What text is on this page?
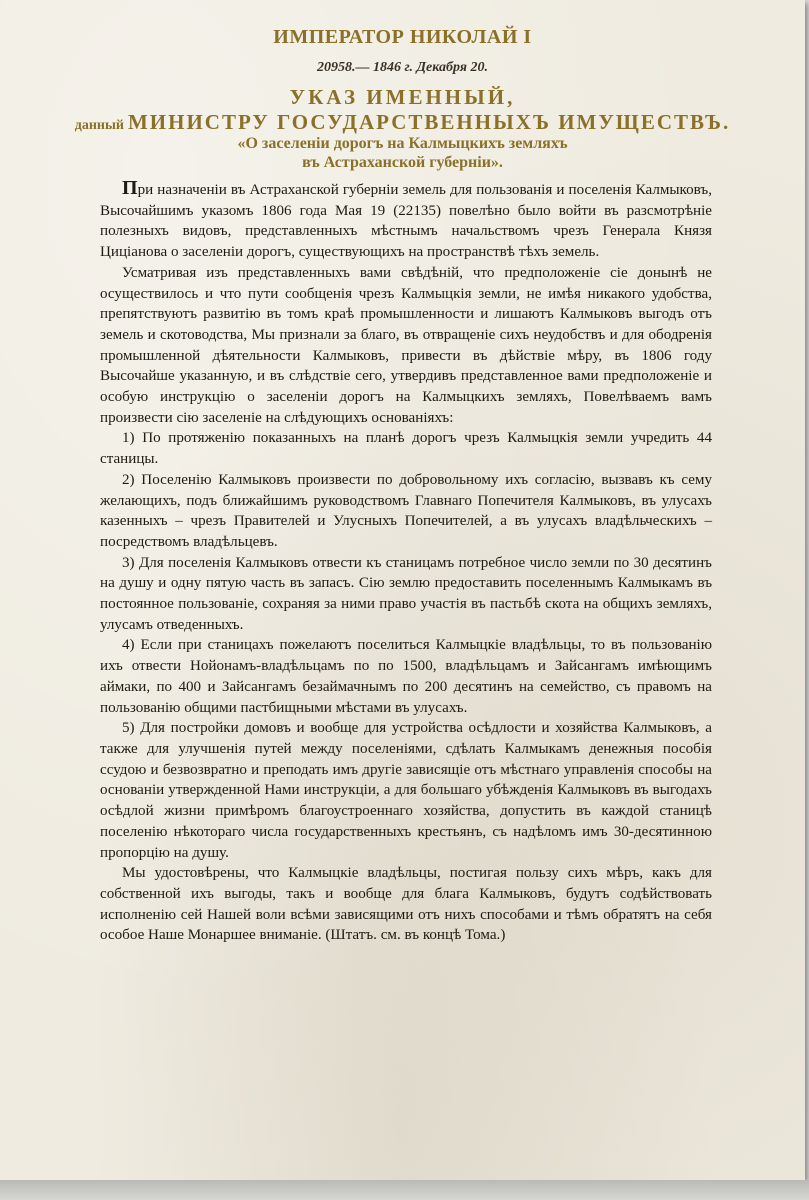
ИМПЕРАТОР НИКОЛАЙ I
20958.— 1846 г. Декабря 20.
УКАЗ ИМЕННЫЙ,
данный МИНИСТРУ ГОСУДАРСТВЕННЫХЪ ИМУЩЕСТВЪ.
«О заселенiи дорогъ на Калмыцкихъ земляхъ
въ Астраханской губернiи».

При назначенiи въ Астраханской губернiи земель для пользованiя и поселенiя Калмыковъ, Высочайшимъ указомъ 1806 года Мая 19 (22135) повелѣно было войти въ разсмотрѣнiе полезныхъ видовъ, представленныхъ мѣстнымъ начальствомъ чрезъ Генерала Князя Цицiанова о заселенiи дорогъ, существующихъ на пространствѣ тѣхъ земель.

Усматривая изъ представленныхъ вами свѣдѣнiй, что предположенiе сiе донынѣ не осуществилось и что пути сообщенiя чрезъ Калмыцкiя земли, не имѣя никакого удобства, препятствуютъ развитiю въ томъ краѣ промышленности и лишаютъ Калмыковъ выгодъ отъ земель и скотоводства, Мы признали за благо, въ отвращенiе сихъ неудобствъ и для ободренiя промышленной дѣятельности Калмыковъ, привести въ дѣйствiе мѣру, въ 1806 году Высочайше указанную, и въ слѣдствiе сего, утвердивъ представленное вами предположенiе и особую инструкцiю о заселенiи дорогъ на Калмыцкихъ земляхъ, Повелѣваемъ вамъ произвести сiю заселенiе на слѣдующихъ основанiяхъ:

1) По протяженiю показанныхъ на планѣ дорогъ чрезъ Калмыцкiя земли учредить 44 станицы.

2) Поселенiю Калмыковъ произвести по добровольному ихъ согласiю, вызвавъ къ сему желающихъ, подъ ближайшимъ руководствомъ Главнаго Попечителя Калмыковъ, въ улусахъ казенныхъ – чрезъ Правителей и Улусныхъ Попечителей, а въ улусахъ владѣльческихъ – посредствомъ владѣльцевъ.

3) Для поселенiя Калмыковъ отвести къ станицамъ потребное число земли по 30 десятинъ на душу и одну пятую часть въ запасъ. Сiю землю предоставить поселеннымъ Калмыкамъ въ постоянное пользованiе, сохраняя за ними право участiя въ пастьбѣ скота на общихъ земляхъ, улусамъ отведенныхъ.

4) Если при станицахъ пожелаютъ поселиться Калмыцкiе владѣльцы, то въ пользованiю ихъ отвести Нойонамъ-владѣльцамъ по по 1500, владѣльцамъ и Зайсангамъ имѣющимъ аймаки, по 400 и Зайсангамъ безаймачнымъ по 200 десятинъ на семейство, съ правомъ на пользованiю общими пастбищными мѣстами въ улусахъ.

5) Для постройки домовъ и вообще для устройства осѣдлости и хозяйства Калмыковъ, а также для улучшенiя путей между поселенiями, сдѣлать Калмыкамъ денежныя пособiя ссудою и безвозвратно и преподать имъ другiе зависящiе отъ мѣстнаго управленiя способы на основанiи утвержденной Нами инструкцiи, а для большаго убѣжденiя Калмыковъ въ выгодахъ осѣдлой жизни примѣромъ благоустроеннаго хозяйства, допустить въ каждой станицѣ поселенiю нѣкотораго числа государственныхъ крестьянъ, съ надѣломъ имъ 30-десятинною пропорцiю на душу.

Мы удостовѣрены, что Калмыцкiе владѣльцы, постигая пользу сихъ мѣръ, какъ для собственной ихъ выгоды, такъ и вообще для блага Калмыковъ, будутъ содѣйствовать исполненiю сей Нашей воли всѣми зависящими отъ нихъ способами и тѣмъ обратятъ на себя особое Наше Монаршее вниманiе. (Штатъ. см. въ концѣ Тома.)
